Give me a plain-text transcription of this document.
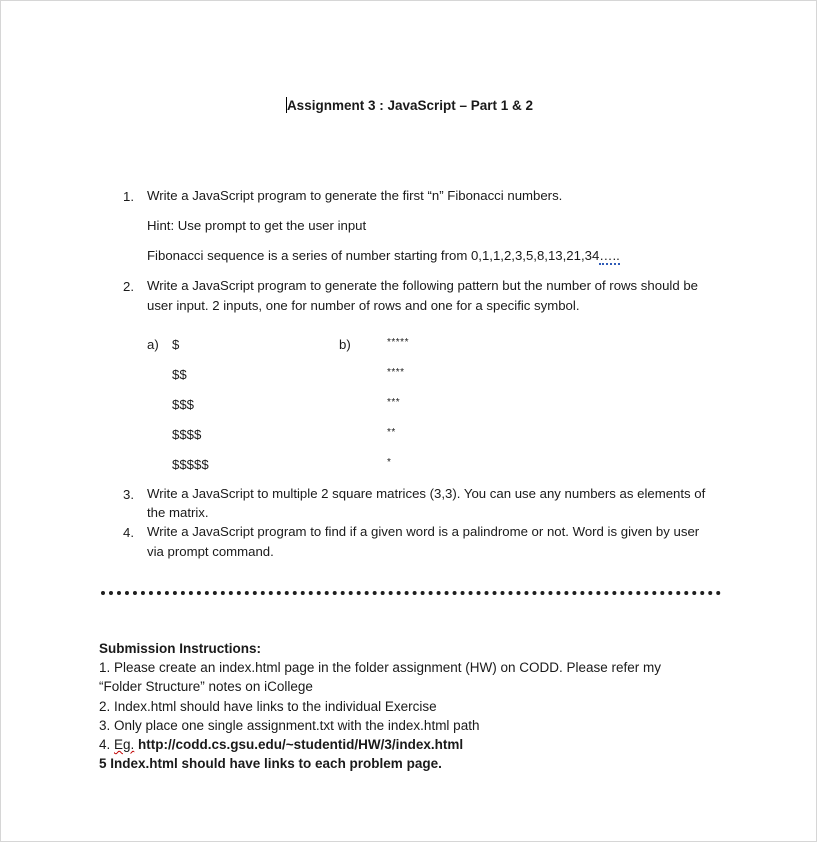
Assignment 3 : JavaScript – Part 1 & 2
1. Write a JavaScript program to generate the first “n” Fibonacci numbers.
Hint: Use prompt to get the user input
Fibonacci sequence is a series of number starting from 0,1,1,2,3,5,8,13,21,34…..
2. Write a JavaScript program to generate the following pattern but the number of rows should be
user input. 2 inputs, one for number of rows and one for a specific symbol.
a) $
$$
$$$
$$$$
$$$$$
b)	*****
****
***
**
*
3. Write a JavaScript to multiple 2 square matrices (3,3). You can use any numbers as elements of
the matrix.
4. Write a JavaScript program to find if a given word is a palindrome or not. Word is given by user
via prompt command.
Submission Instructions:
1. Please create an index.html page in the folder assignment (HW) on CODD. Please refer my
“Folder Structure” notes on iCollege
2. Index.html should have links to the individual Exercise
3. Only place one single assignment.txt with the index.html path
4. Eg. http://codd.cs.gsu.edu/~studentid/HW/3/index.html
5 Index.html should have links to each problem page.
